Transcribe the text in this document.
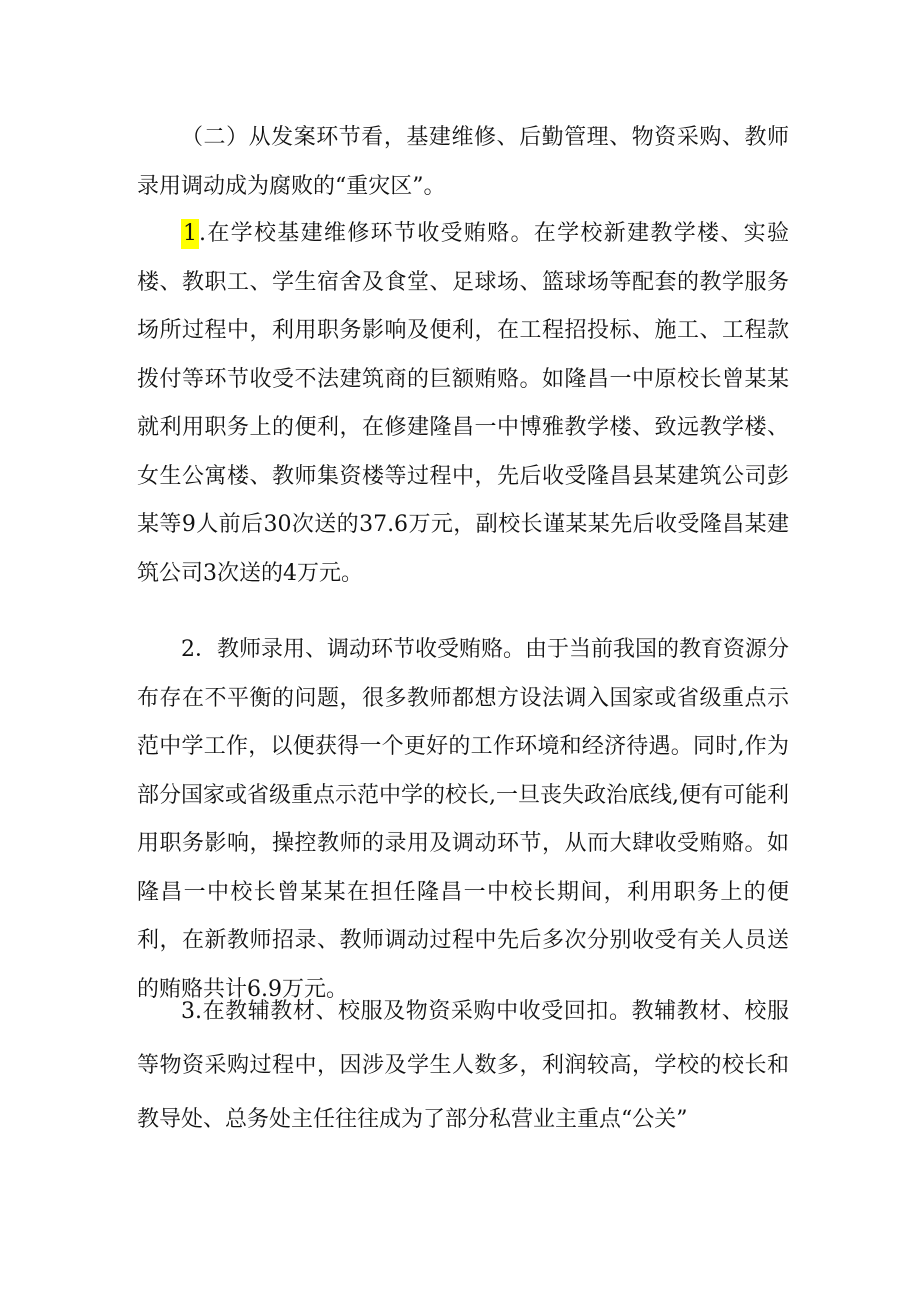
（二）从发案环节看，基建维修、后勤管理、物资采购、教师录用调动成为腐败的“重灾区”。

1.在学校基建维修环节收受贿赂。在学校新建教学楼、实验楼、教职工、学生宿舍及食堂、足球场、篮球场等配套的教学服务场所过程中，利用职务影响及便利，在工程招投标、施工、工程款拨付等环节收受不法建筑商的巨额贿赂。如隆昌一中原校长曾某某就利用职务上的便利，在修建隆昌一中博雅教学楼、致远教学楼、女生公寓楼、教师集资楼等过程中，先后收受隆昌县某建筑公司彭某等9人前后30次送的37.6万元，副校长谨某某先后收受隆昌某建筑公司3次送的4万元。

2．教师录用、调动环节收受贿赂。由于当前我国的教育资源分布存在不平衡的问题，很多教师都想方设法调入国家或省级重点示范中学工作，以便获得一个更好的工作环境和经济待遇。同时,作为部分国家或省级重点示范中学的校长,一旦丧失政治底线,便有可能利用职务影响，操控教师的录用及调动环节，从而大肆收受贿赂。如隆昌一中校长曾某某在担任隆昌一中校长期间，利用职务上的便利，在新教师招录、教师调动过程中先后多次分别收受有关人员送的贿赂共计6.9万元。

3.在教辅教材、校服及物资采购中收受回扣。教辅教材、校服等物资采购过程中，因涉及学生人数多，利润较高，学校的校长和教导处、总务处主任往往成为了部分私营业主重点“公关”
